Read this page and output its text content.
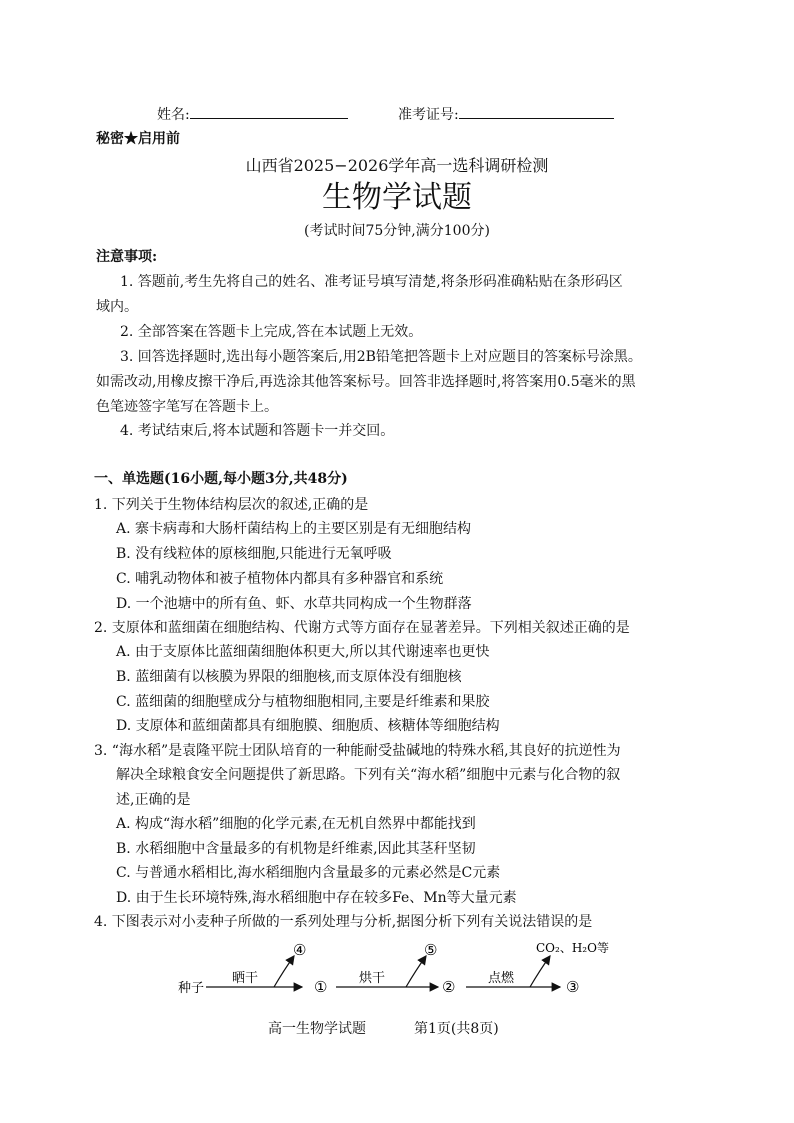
姓名:	准考证号:
秘密★启用前
山西省2025−2026学年高一选科调研检测
生物学试题
(考试时间75分钟,满分100分)
注意事项:
1. 答题前,考生先将自己的姓名、准考证号填写清楚,将条形码准确粘贴在条形码区
域内。
2. 全部答案在答题卡上完成,答在本试题上无效。
3. 回答选择题时,选出每小题答案后,用2B铅笔把答题卡上对应题目的答案标号涂黑。
如需改动,用橡皮擦干净后,再选涂其他答案标号。回答非选择题时,将答案用0.5毫米的黑
色笔迹签字笔写在答题卡上。
4. 考试结束后,将本试题和答题卡一并交回。
一、单选题(16小题,每小题3分,共48分)
1. 下列关于生物体结构层次的叙述,正确的是
A. 寨卡病毒和大肠杆菌结构上的主要区别是有无细胞结构
B. 没有线粒体的原核细胞,只能进行无氧呼吸
C. 哺乳动物体和被子植物体内都具有多种器官和系统
D. 一个池塘中的所有鱼、虾、水草共同构成一个生物群落
2. 支原体和蓝细菌在细胞结构、代谢方式等方面存在显著差异。下列相关叙述正确的是
A. 由于支原体比蓝细菌细胞体积更大,所以其代谢速率也更快
B. 蓝细菌有以核膜为界限的细胞核,而支原体没有细胞核
C. 蓝细菌的细胞壁成分与植物细胞相同,主要是纤维素和果胶
D. 支原体和蓝细菌都具有细胞膜、细胞质、核糖体等细胞结构
3. “海水稻”是袁隆平院士团队培育的一种能耐受盐碱地的特殊水稻,其良好的抗逆性为
解决全球粮食安全问题提供了新思路。下列有关“海水稻”细胞中元素与化合物的叙
述,正确的是
A. 构成“海水稻”细胞的化学元素,在无机自然界中都能找到
B. 水稻细胞中含量最多的有机物是纤维素,因此其茎秆坚韧
C. 与普通水稻相比,海水稻细胞内含量最多的元素必然是C元素
D. 由于生长环境特殊,海水稻细胞中存在较多Fe、Mn等大量元素
4. 下图表示对小麦种子所做的一系列处理与分析,据图分析下列有关说法错误的是
种子
晒干
④
① 烘干
⑤
②	点燃
CO₂、H₂O等
③
高一生物学试题	第1页(共8页)
